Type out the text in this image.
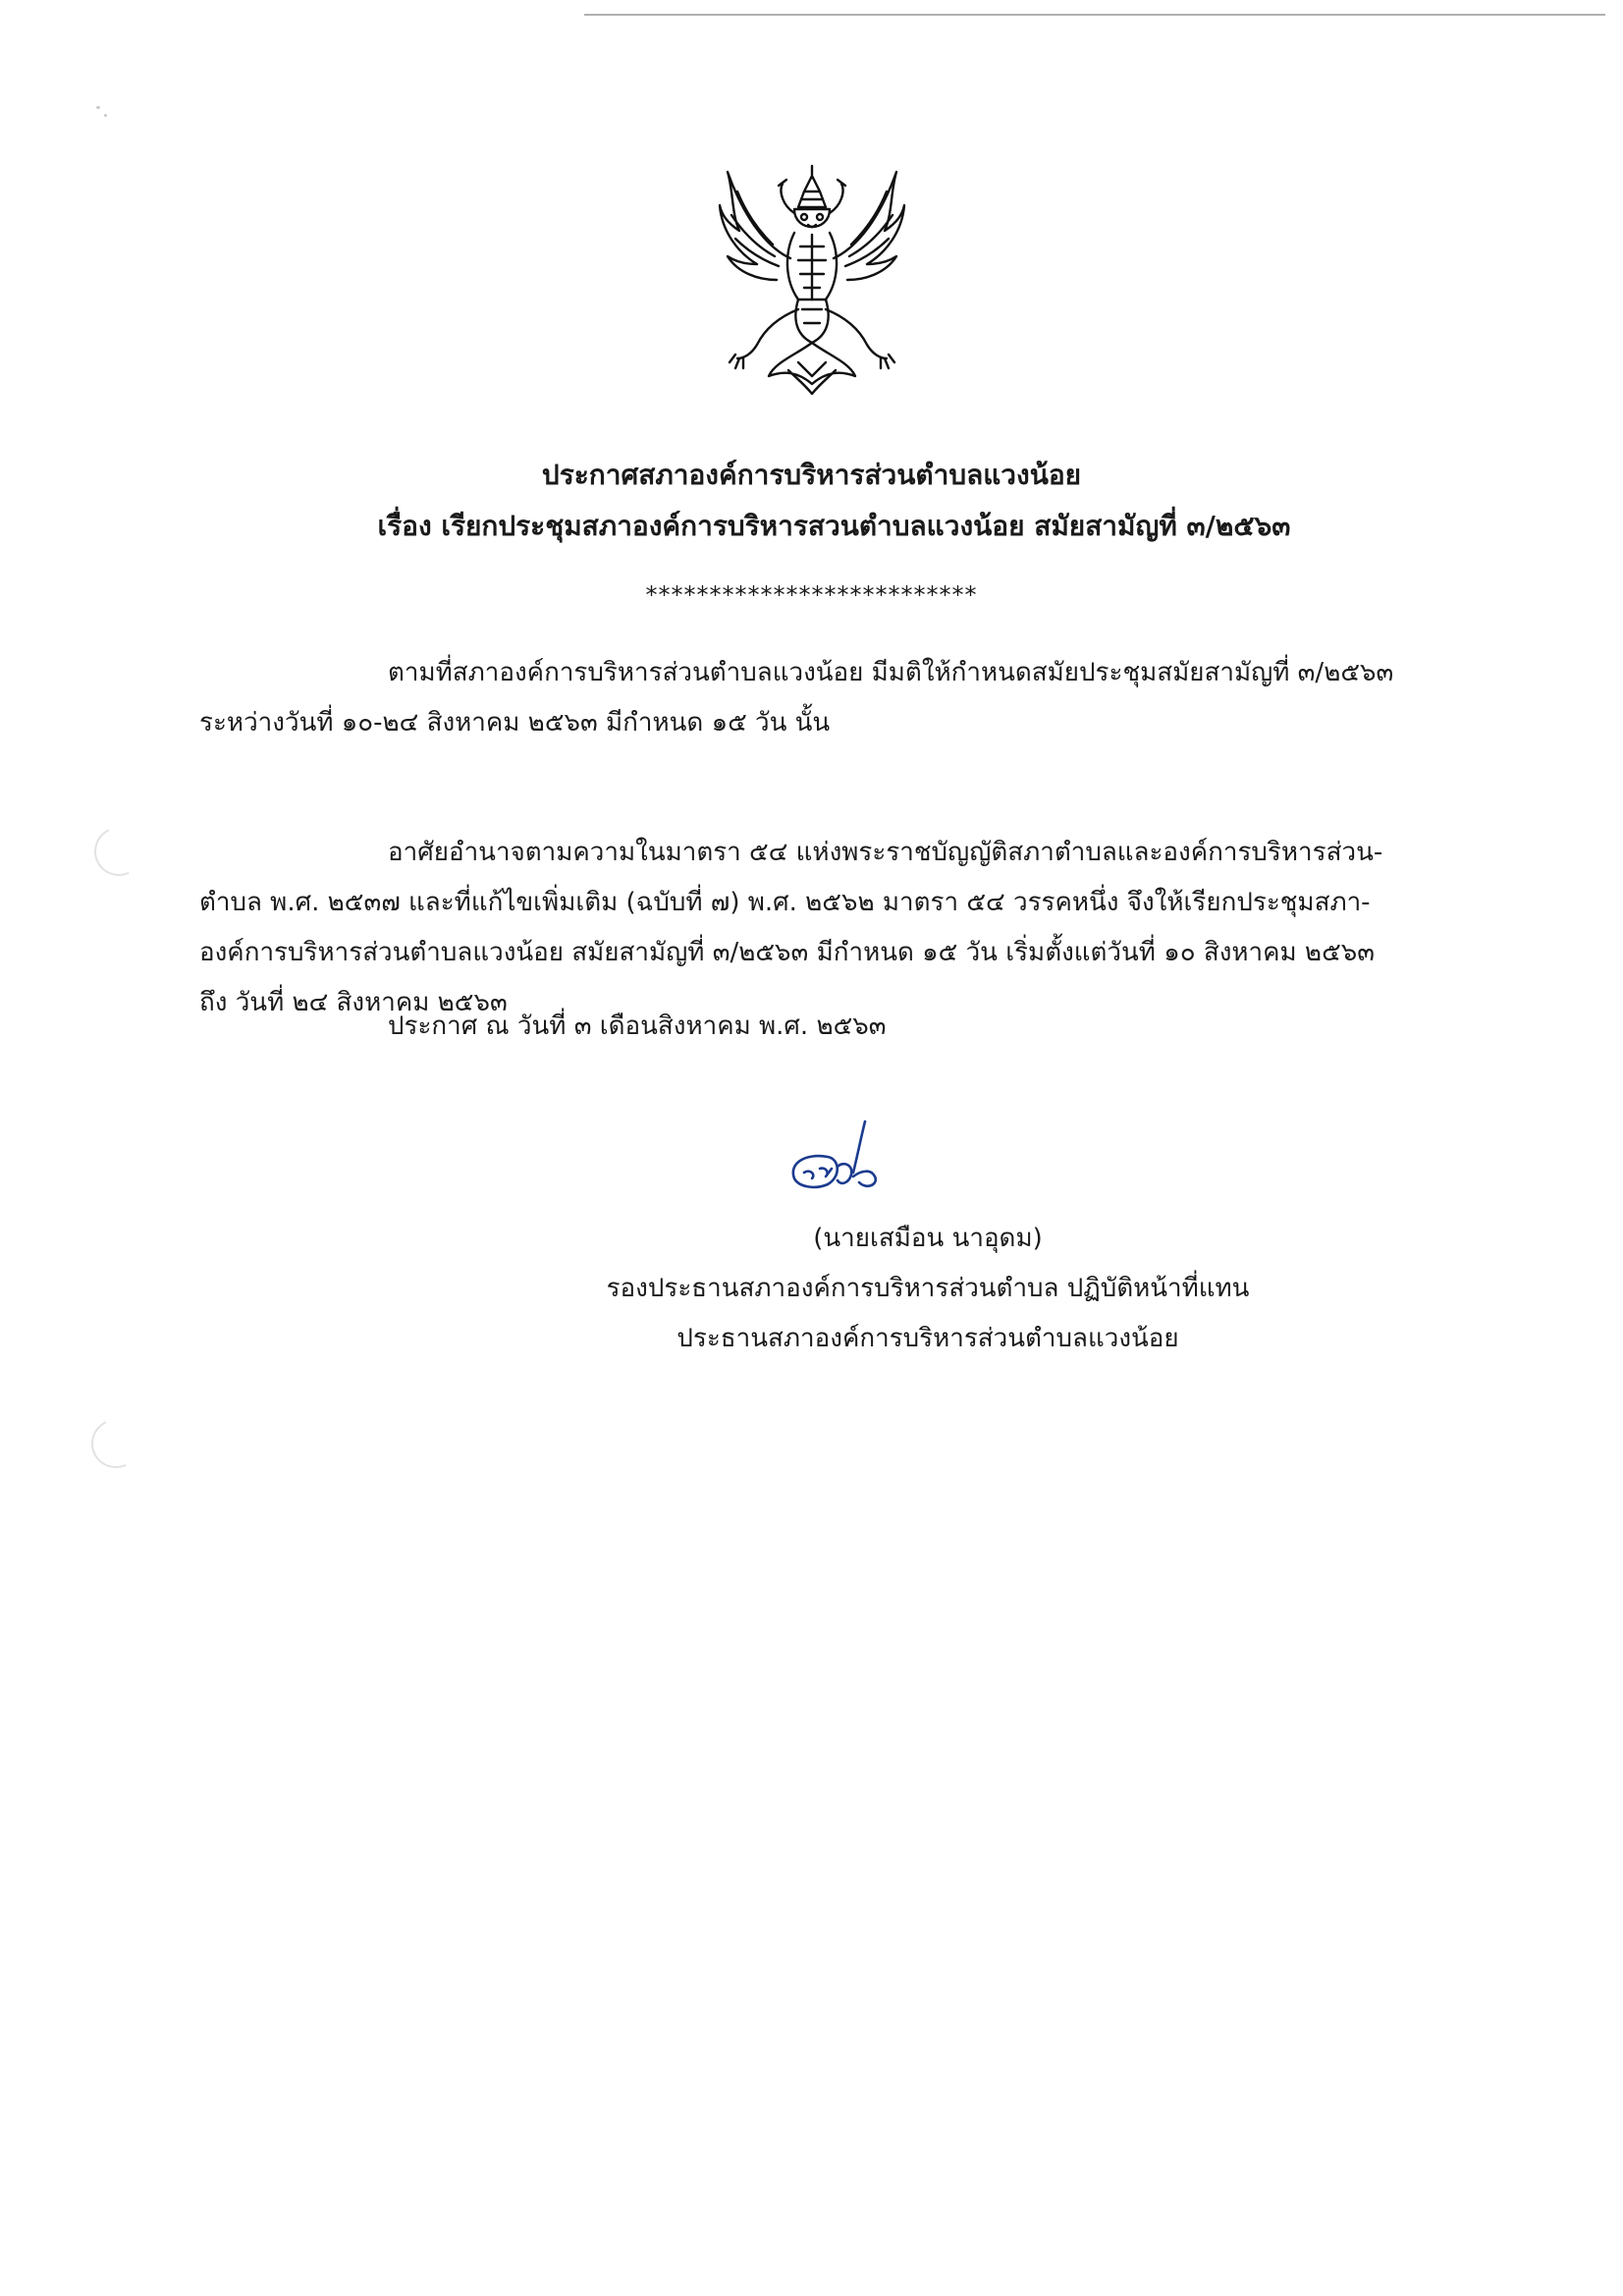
ประกาศสภาองค์การบริหารส่วนตำบลแวงน้อย
เรื่อง เรียกประชุมสภาองค์การบริหารสวนตำบลแวงน้อย สมัยสามัญที่ ๓/๒๕๖๓
**************************

ตามที่สภาองค์การบริหารส่วนตำบลแวงน้อย มีมติให้กำหนดสมัยประชุมสมัยสามัญที่ ๓/๒๕๖๓
ระหว่างวันที่ ๑๐-๒๔ สิงหาคม ๒๕๖๓ มีกำหนด ๑๕ วัน นั้น

อาศัยอำนาจตามความในมาตรา ๕๔ แห่งพระราชบัญญัติสภาตำบลและองค์การบริหารส่วน-
ตำบล พ.ศ. ๒๕๓๗ และที่แก้ไขเพิ่มเติม (ฉบับที่ ๗) พ.ศ. ๒๕๖๒ มาตรา ๕๔ วรรคหนึ่ง จึงให้เรียกประชุมสภา-
องค์การบริหารส่วนตำบลแวงน้อย สมัยสามัญที่ ๓/๒๕๖๓ มีกำหนด ๑๕ วัน เริ่มตั้งแต่วันที่ ๑๐ สิงหาคม ๒๕๖๓
ถึง วันที่ ๒๔ สิงหาคม ๒๕๖๓

ประกาศ ณ วันที่ ๓ เดือนสิงหาคม พ.ศ. ๒๕๖๓

(นายเสมือน นาอุดม)
รองประธานสภาองค์การบริหารส่วนตำบล ปฏิบัติหน้าที่แทน
ประธานสภาองค์การบริหารส่วนตำบลแวงน้อย
